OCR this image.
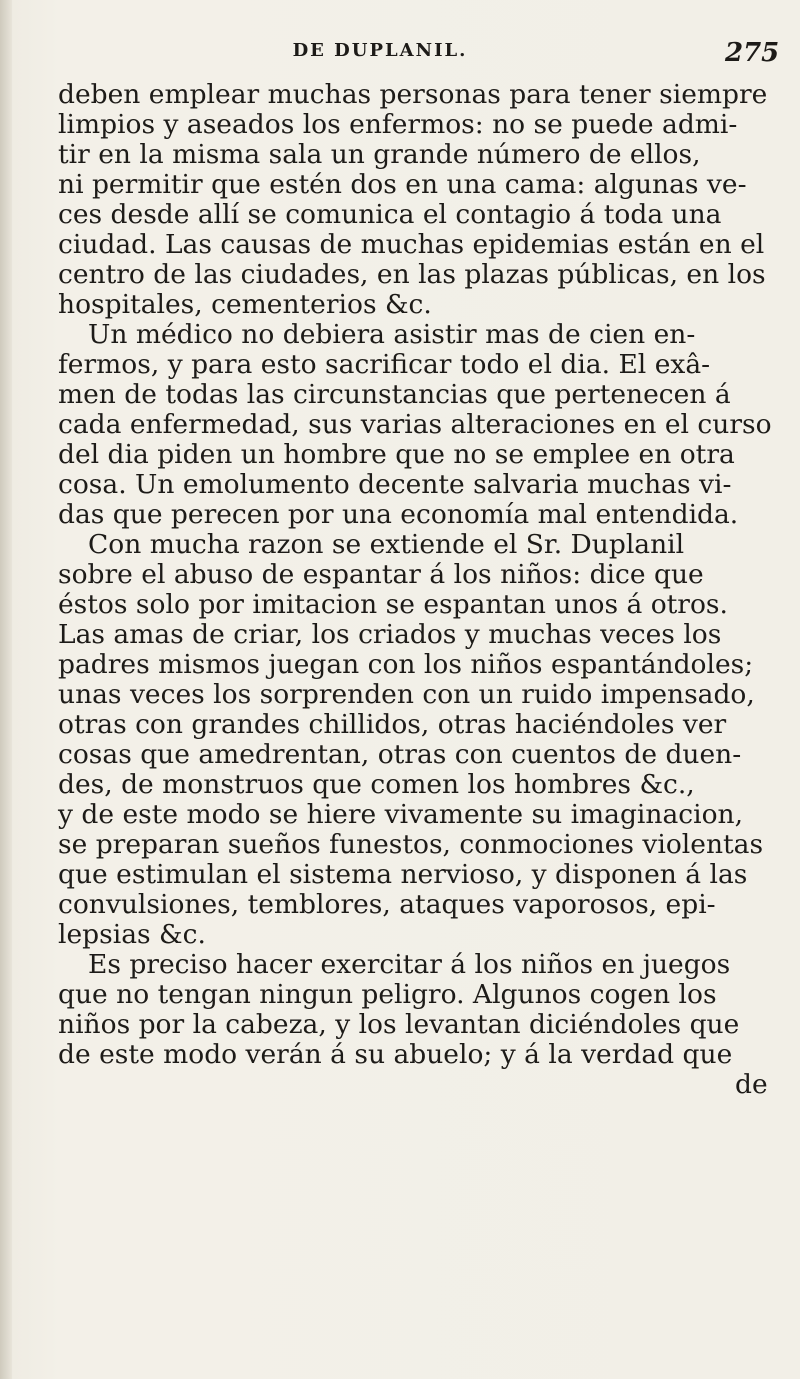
DE DUPLANIL.	275
deben emplear muchas personas para tener siempre
limpios y aseados los enfermos: no se puede admi-
tir en la misma sala un grande número de ellos,
ni permitir que estén dos en una cama: algunas ve-
ces desde allí se comunica el contagio á toda una
ciudad. Las causas de muchas epidemias están en el
centro de las ciudades, en las plazas públicas, en los
hospitales, cementerios &c.
Un médico no debiera asistir mas de cien en-
fermos, y para esto sacrificar todo el dia. El exâ-
men de todas las circunstancias que pertenecen á
cada enfermedad, sus varias alteraciones en el curso
del dia piden un hombre que no se emplee en otra
cosa. Un emolumento decente salvaria muchas vi-
das que perecen por una economía mal entendida.
Con mucha razon se extiende el Sr. Duplanil
sobre el abuso de espantar á los niños: dice que
éstos solo por imitacion se espantan unos á otros.
Las amas de criar, los criados y muchas veces los
padres mismos juegan con los niños espantándoles;
unas veces los sorprenden con un ruido impensado,
otras con grandes chillidos, otras haciéndoles ver
cosas que amedrentan, otras con cuentos de duen-
des, de monstruos que comen los hombres &c.,
y de este modo se hiere vivamente su imaginacion,
se preparan sueños funestos, conmociones violentas
que estimulan el sistema nervioso, y disponen á las
convulsiones, temblores, ataques vaporosos, epi-
lepsias &c.
Es preciso hacer exercitar á los niños en juegos
que no tengan ningun peligro. Algunos cogen los
niños por la cabeza, y los levantan diciéndoles que
de este modo verán á su abuelo; y á la verdad que
de
